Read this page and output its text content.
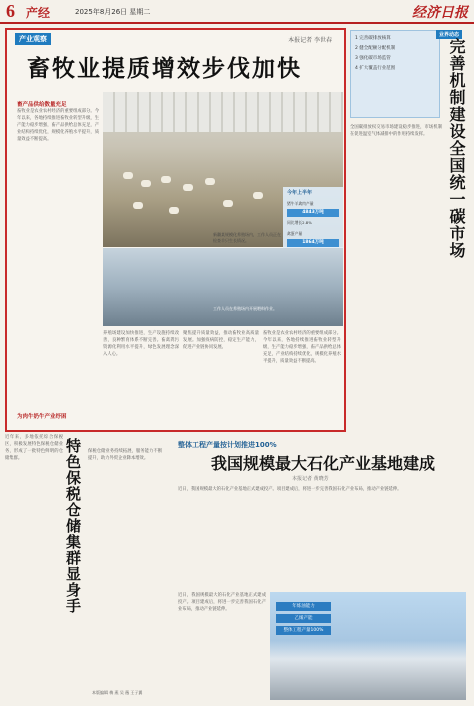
6 产经	2025年8月26日 星期二	经济日报
产业观察	本报记者 李世春
畜牧业提质增效步伐加快
畜产品供给数量充足
畜牧业是农业农村经济的重要组成部分。今年以来，各地持续推进畜牧业转型升级，生产能力稳步增强，畜产品供给总体充足，产业结构持续优化，规模化养殖水平提升，质量效益不断提高。
为肉牛奶牛产业纾困
今年上半年
猪牛羊禽肉产量
4843万吨
同比增长2.8%
禽蛋产量
1864万吨
新疆某规模化养殖场内，工作人员正在检查羊只生长情况。
工作人员在养殖场内开展喂料作业。
养殖场建设加快推进，生产设施持续改善，良种繁育体系不断完善。畜禽粪污资源化利用水平提升，绿色发展理念深入人心。
聚焦提升质量效益，推动畜牧业高质量发展。加强疫病防控，稳定生产能力，促进产业链协同发展。
畜牧业是农业农村经济的重要组成部分。今年以来，各地持续推进畜牧业转型升级，生产能力稳步增强，畜产品供给总体充足，产业结构持续优化，规模化养殖水平提升，质量效益不断提高。
1 完善碳排放核算
2 健全配额分配机制
3 强化碳市场监管
4 扩大覆盖行业范围
业界动态
完善机制建设全国统一碳市场
全国碳排放权交易市场建设稳步推进，市场机制在促进温室气体减排中的作用持续发挥。
近年来，多地依托综合保税区，积极发展特色保税仓储业务，形成了一批特色鲜明的仓储集群。	特色保税仓储集群显身手	保税仓储业务持续拓展，服务能力不断提升，助力外贸企业降本增效。
整体工程产量按计划推进100%
我国规模最大石化产业基地建成
本报记者 黄晓芳
近日，我国规模最大的石化产业基地正式建成投产。项目建成后，将进一步完善我国石化产业布局，推动产业链延伸。
近日，我国规模最大的石化产业基地正式建成投产。项目建成后，将进一步完善我国石化产业布局，推动产业链延伸。
年炼油能力
乙烯产能
整体工程产量100%
本版编辑 梅 燕 吴 薇 王子翼
